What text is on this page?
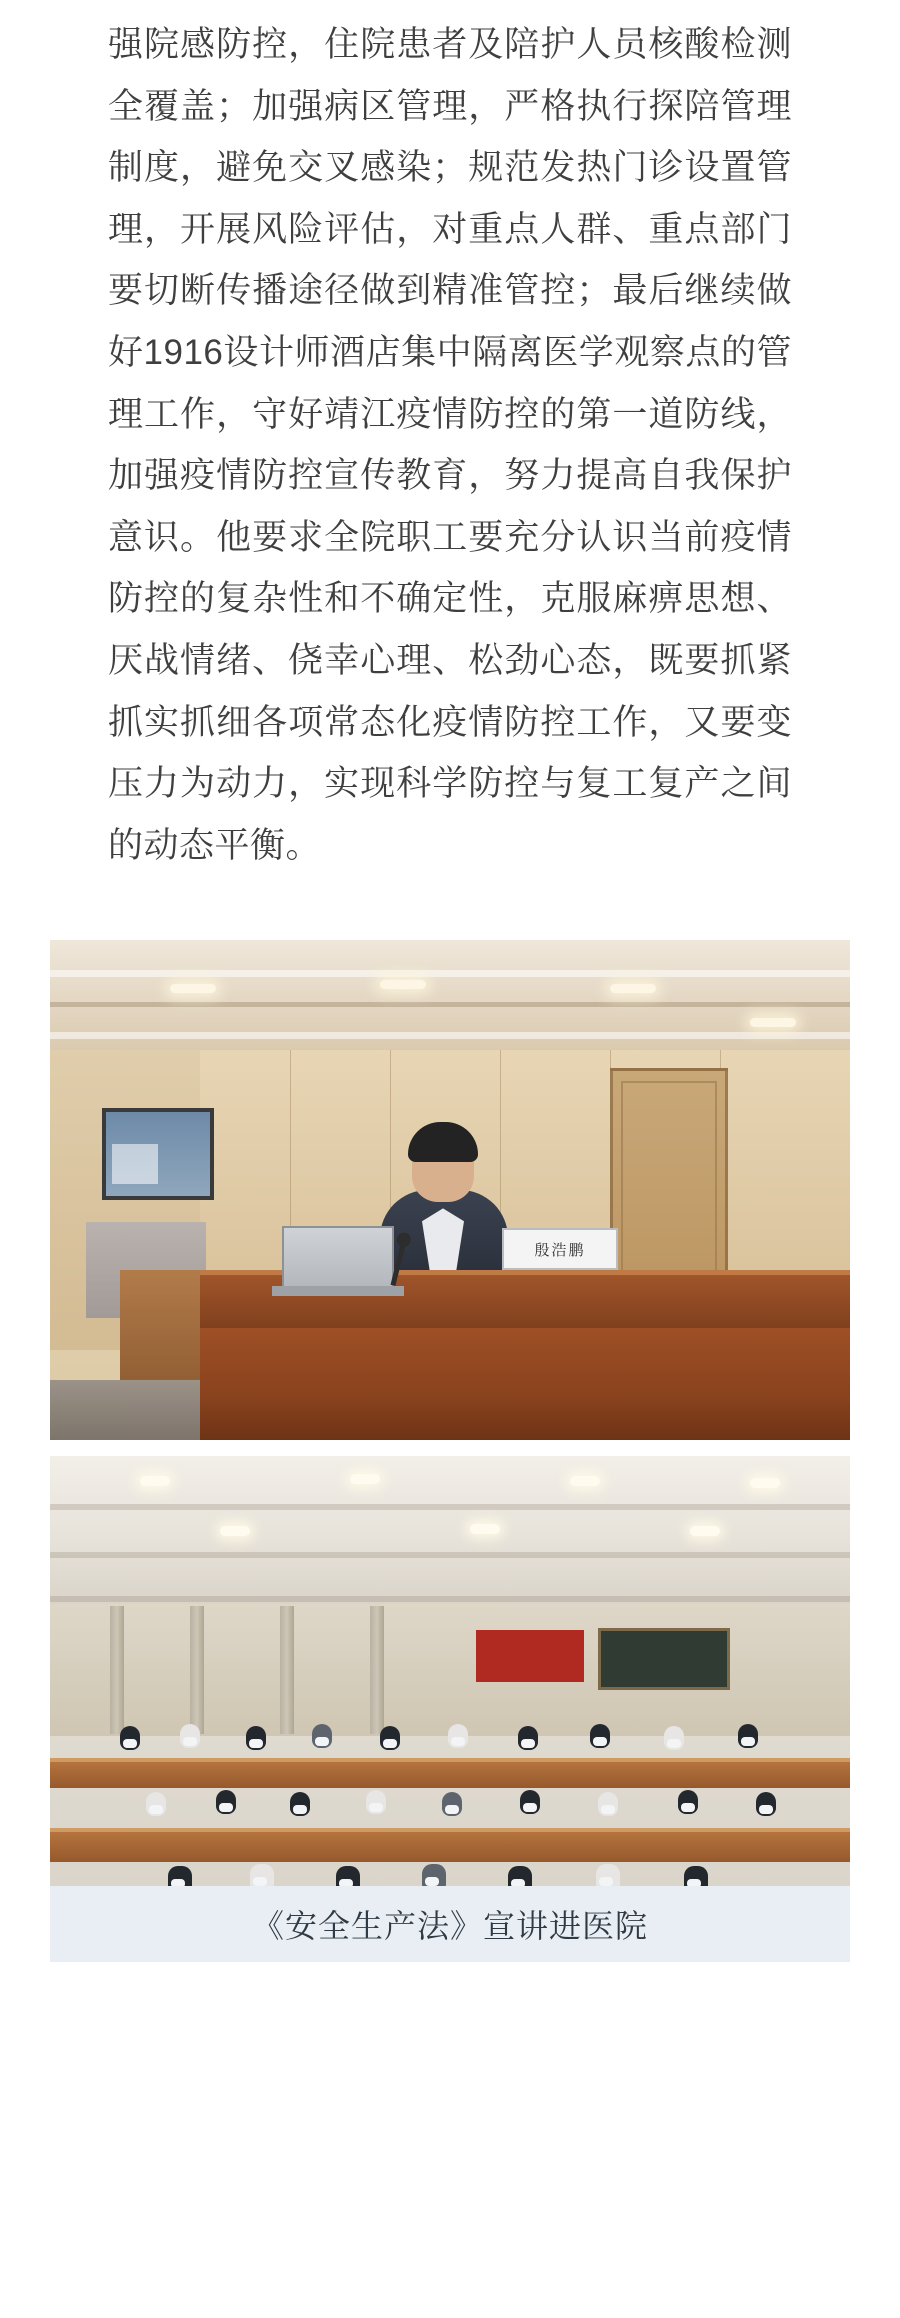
强院感防控，住院患者及陪护人员核酸检测全覆盖；加强病区管理，严格执行探陪管理制度，避免交叉感染；规范发热门诊设置管理，开展风险评估，对重点人群、重点部门要切断传播途径做到精准管控；最后继续做好1916设计师酒店集中隔离医学观察点的管理工作，守好靖江疫情防控的第一道防线，加强疫情防控宣传教育，努力提高自我保护意识。他要求全院职工要充分认识当前疫情防控的复杂性和不确定性，克服麻痹思想、厌战情绪、侥幸心理、松劲心态，既要抓紧抓实抓细各项常态化疫情防控工作，又要变压力为动力，实现科学防控与复工复产之间的动态平衡。

殷浩鹏
《安全生产法》宣讲进医院
